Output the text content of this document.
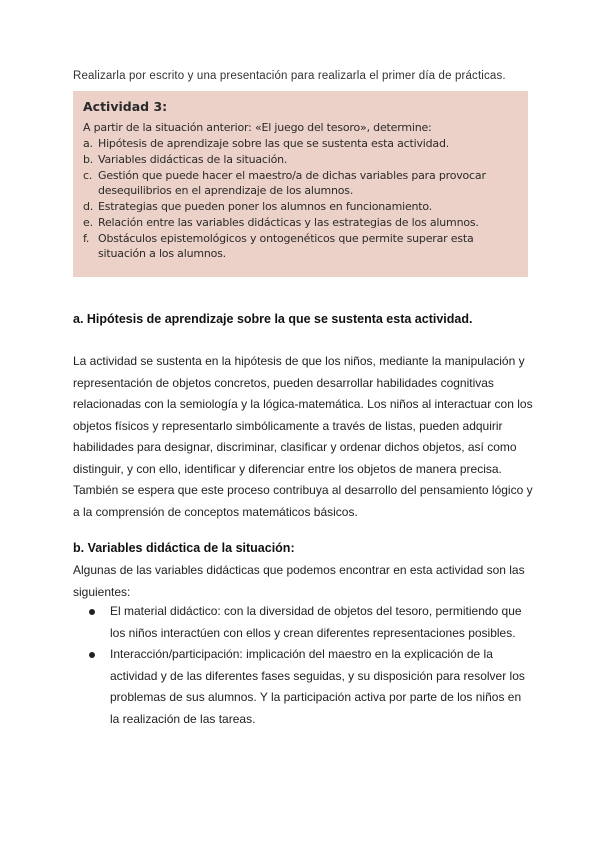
Realizarla por escrito y una presentación para realizarla el primer día de prácticas.
Actividad 3:
A partir de la situación anterior: «El juego del tesoro», determine:
a. Hipótesis de aprendizaje sobre las que se sustenta esta actividad.
b. Variables didácticas de la situación.
c. Gestión que puede hacer el maestro/a de dichas variables para provocar desequilibrios en el aprendizaje de los alumnos.
d. Estrategias que pueden poner los alumnos en funcionamiento.
e. Relación entre las variables didácticas y las estrategias de los alumnos.
f. Obstáculos epistemológicos y ontogenéticos que permite superar esta situación a los alumnos.
a. Hipótesis de aprendizaje sobre la que se sustenta esta actividad.

La actividad se sustenta en la hipótesis de que los niños, mediante la manipulación y representación de objetos concretos, pueden desarrollar habilidades cognitivas relacionadas con la semiología y la lógica-matemática. Los niños al interactuar con los objetos físicos y representarlo simbólicamente a través de listas, pueden adquirir habilidades para designar, discriminar, clasificar y ordenar dichos objetos, así como distinguir, y con ello, identificar y diferenciar entre los objetos de manera precisa. También se espera que este proceso contribuya al desarrollo del pensamiento lógico y a la comprensión de conceptos matemáticos básicos.

b. Variables didáctica de la situación:

Algunas de las variables didácticas que podemos encontrar en esta actividad son las siguientes:

El material didáctico: con la diversidad de objetos del tesoro, permitiendo que los niños interactúen con ellos y crean diferentes representaciones posibles.
Interacción/participación: implicación del maestro en la explicación de la actividad y de las diferentes fases seguidas, y su disposición para resolver los problemas de sus alumnos. Y la participación activa por parte de los niños en la realización de las tareas.
